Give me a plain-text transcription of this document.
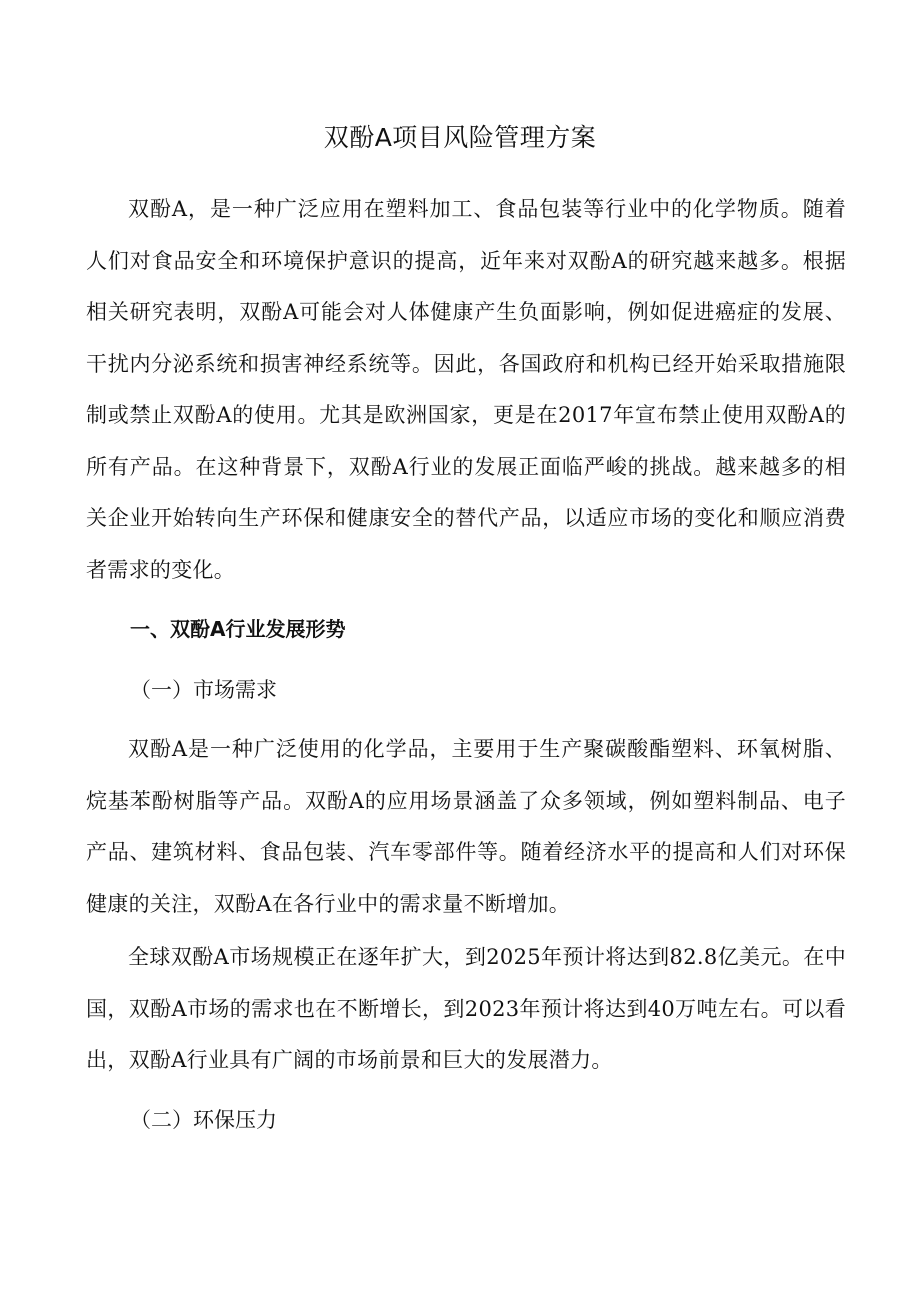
双酚A项目风险管理方案

双酚A，是一种广泛应用在塑料加工、食品包装等行业中的化学物质。随着人们对食品安全和环境保护意识的提高，近年来对双酚A的研究越来越多。根据相关研究表明，双酚A可能会对人体健康产生负面影响，例如促进癌症的发展、干扰内分泌系统和损害神经系统等。因此，各国政府和机构已经开始采取措施限制或禁止双酚A的使用。尤其是欧洲国家，更是在2017年宣布禁止使用双酚A的所有产品。在这种背景下，双酚A行业的发展正面临严峻的挑战。越来越多的相关企业开始转向生产环保和健康安全的替代产品，以适应市场的变化和顺应消费者需求的变化。

一、双酚A行业发展形势
（一）市场需求

双酚A是一种广泛使用的化学品，主要用于生产聚碳酸酯塑料、环氧树脂、烷基苯酚树脂等产品。双酚A的应用场景涵盖了众多领域，例如塑料制品、电子产品、建筑材料、食品包装、汽车零部件等。随着经济水平的提高和人们对环保健康的关注，双酚A在各行业中的需求量不断增加。

全球双酚A市场规模正在逐年扩大，到2025年预计将达到82.8亿美元。在中国，双酚A市场的需求也在不断增长，到2023年预计将达到40万吨左右。可以看出，双酚A行业具有广阔的市场前景和巨大的发展潜力。

（二）环保压力
